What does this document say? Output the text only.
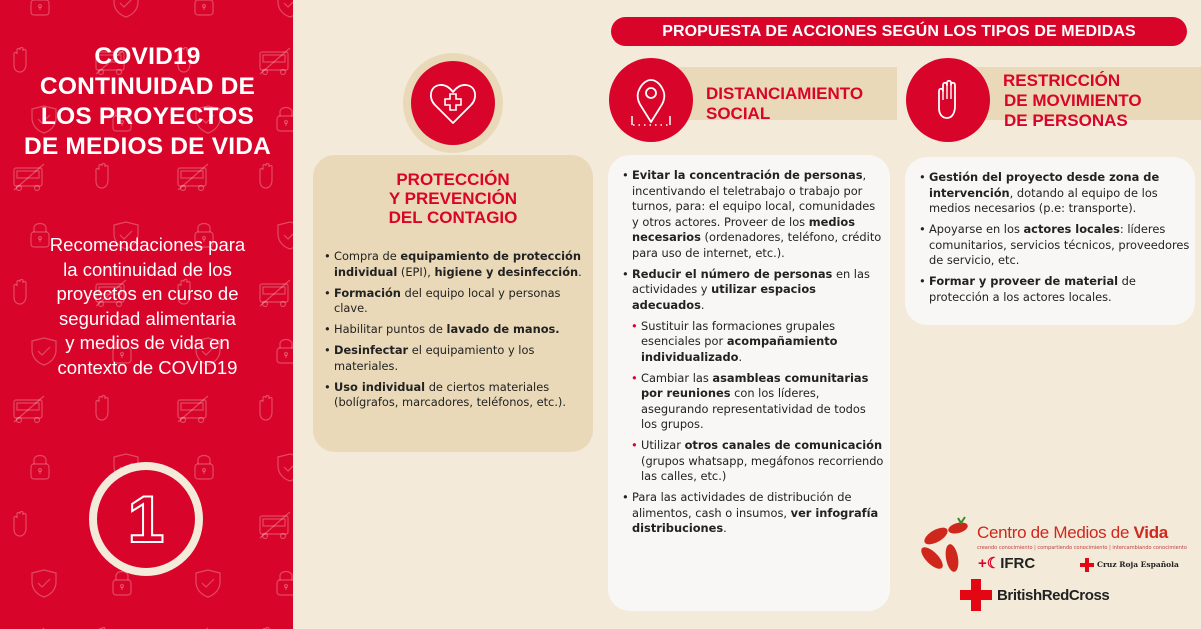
COVID19
CONTINUIDAD DE
LOS PROYECTOS
DE MEDIOS DE VIDA
Recomendaciones para
la continuidad de los
proyectos en curso de
seguridad alimentaria
y medios de vida en
contexto de COVID19
1
PROPUESTA DE ACCIONES SEGÚN LOS TIPOS DE MEDIDAS
PROTECCIÓN
Y PREVENCIÓN
DEL CONTAGIO
• Compra de equipamiento de protección individual (EPI), higiene y desinfección.
• Formación del equipo local y personas clave.
• Habilitar puntos de lavado de manos.
• Desinfectar el equipamiento y los materiales.
• Uso individual de ciertos materiales (bolígrafos, marcadores, teléfonos, etc.).
DISTANCIAMIENTO
SOCIAL
• Evitar la concentración de personas, incentivando el teletrabajo o trabajo por turnos, para: el equipo local, comunidades y otros actores. Proveer de los medios necesarios (ordenadores, teléfono, crédito para uso de internet, etc.).
• Reducir el número de personas en las actividades y utilizar espacios adecuados.
• Sustituir las formaciones grupales esenciales por acompañamiento individualizado.
• Cambiar las asambleas comunitarias por reuniones con los líderes, asegurando representatividad de todos los grupos.
• Utilizar otros canales de comunicación (grupos whatsapp, megáfonos recorriendo las calles, etc.)
• Para las actividades de distribución de alimentos, cash o insumos, ver infografía distribuciones.
RESTRICCIÓN
DE MOVIMIENTO
DE PERSONAS
• Gestión del proyecto desde zona de intervención, dotando al equipo de los medios necesarios (p.e: transporte).
• Apoyarse en los actores locales: líderes comunitarios, servicios técnicos, proveedores de servicio, etc.
• Formar y proveer de material de protección a los actores locales.
Centro de Medios de Vida
creando conocimiento | compartiendo conocimiento | intercambiando conocimiento
+☾IFRC	Cruz Roja Española
BritishRedCross
